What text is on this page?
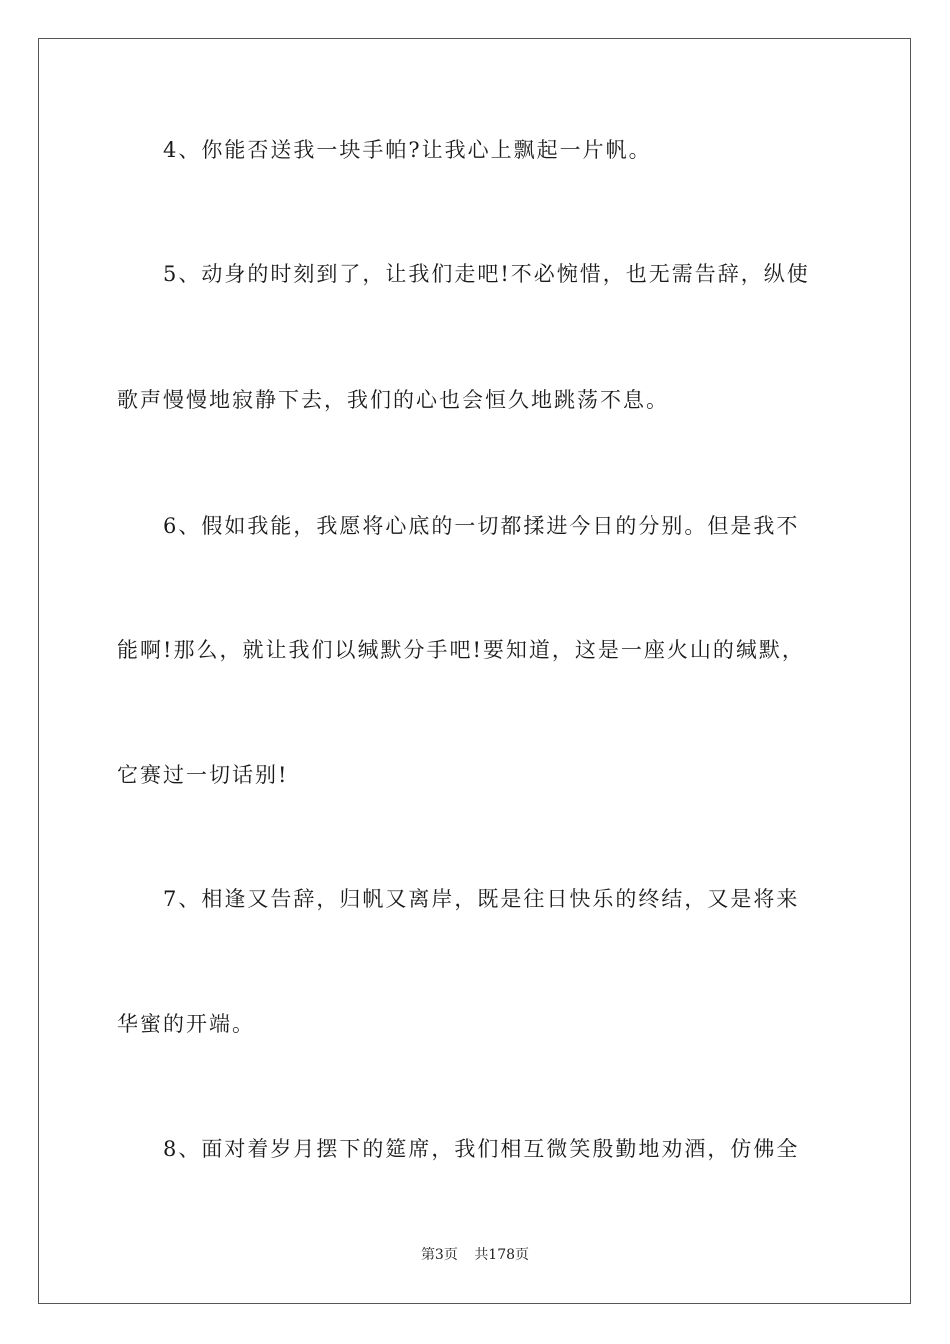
4、你能否送我一块手帕?让我心上飘起一片帆。
5、动身的时刻到了，让我们走吧!不必惋惜，也无需告辞，纵使
歌声慢慢地寂静下去，我们的心也会恒久地跳荡不息。
6、假如我能，我愿将心底的一切都揉进今日的分别。但是我不
能啊!那么，就让我们以缄默分手吧!要知道，这是一座火山的缄默，
它赛过一切话别!
7、相逢又告辞，归帆又离岸，既是往日快乐的终结，又是将来
华蜜的开端。
8、面对着岁月摆下的筵席，我们相互微笑殷勤地劝酒，仿佛全
第3页 共178页
